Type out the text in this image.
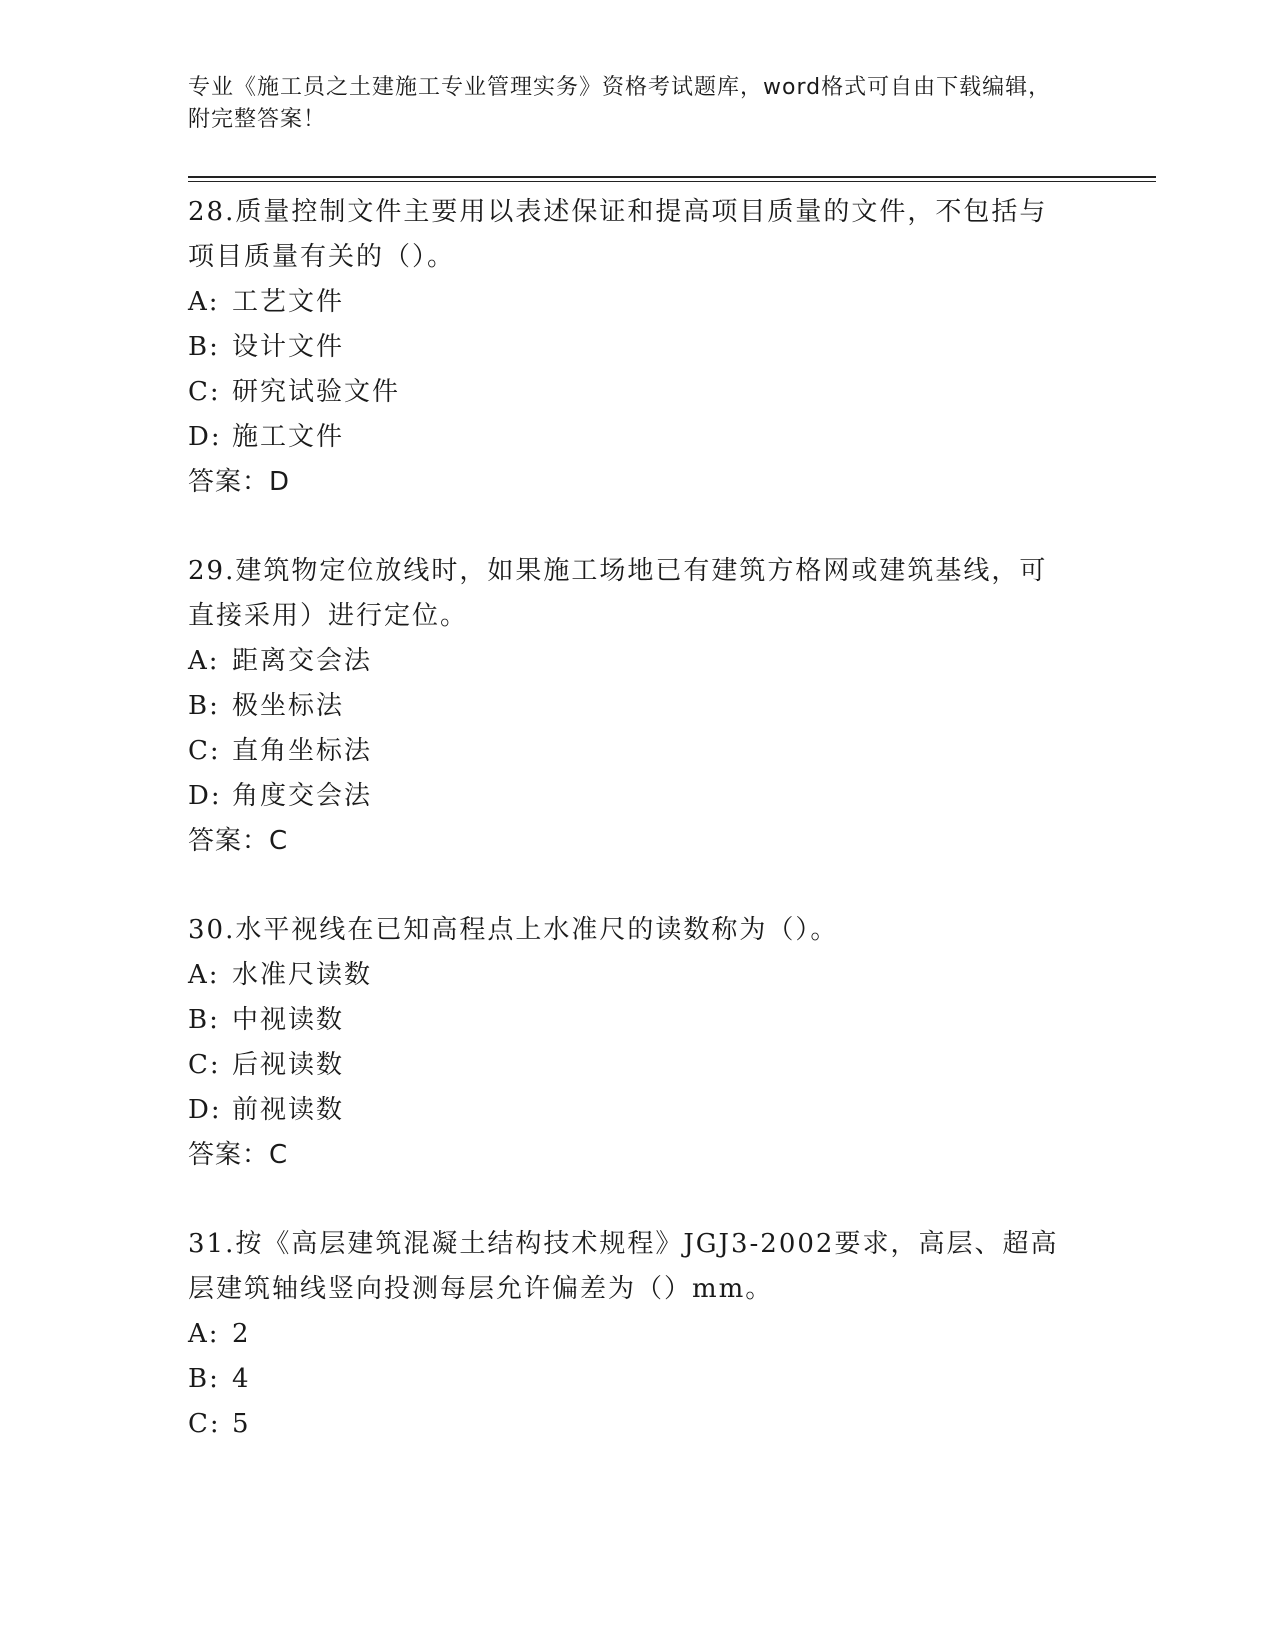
专业《施工员之土建施工专业管理实务》资格考试题库，word格式可自由下载编辑，附完整答案！

28.质量控制文件主要用以表述保证和提高项目质量的文件，不包括与项目质量有关的（）。

A: 工艺文件
B: 设计文件
C: 研究试验文件
D: 施工文件
答案：D

29.建筑物定位放线时，如果施工场地已有建筑方格网或建筑基线，可直接采用）进行定位。

A: 距离交会法
B: 极坐标法
C: 直角坐标法
D: 角度交会法
答案：C

30.水平视线在已知高程点上水准尺的读数称为（）。

A: 水准尺读数
B: 中视读数
C: 后视读数
D: 前视读数
答案：C

31.按《高层建筑混凝土结构技术规程》JGJ3-2002要求，高层、超高层建筑轴线竖向投测每层允许偏差为（）mm。

A: 2
B: 4
C: 5
